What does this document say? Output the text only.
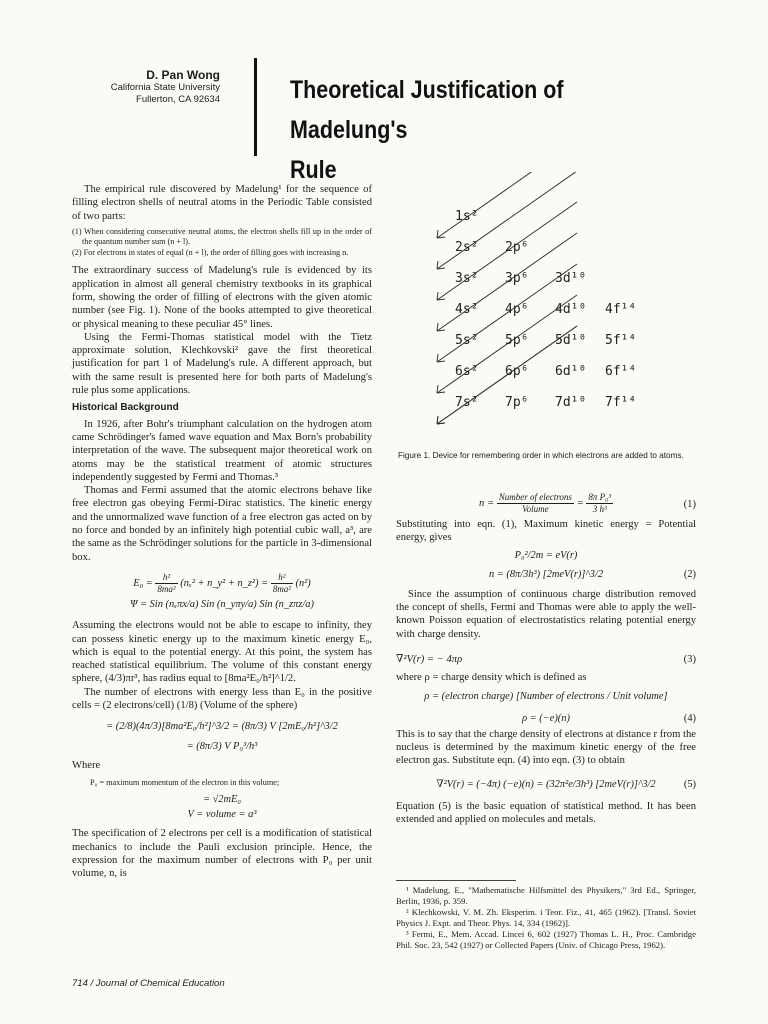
D. Pan Wong
California State University
Fullerton, CA 92634	Theoretical Justification of Madelung's
Rule

The empirical rule discovered by Madelung¹ for the sequence of filling electron shells of neutral atoms in the Periodic Table consisted of two parts:

(1) When considering consecutive neutral atoms, the electron shells fill up in the order of the quantum number sum (n + l).

(2) For electrons in states of equal (n + l), the order of filling goes with increasing n.

The extraordinary success of Madelung's rule is evidenced by its application in almost all general chemistry textbooks in its graphical form, showing the order of filling of electrons with the given atomic number (see Fig. 1). None of the books attempted to give theoretical or physical meaning to these peculiar 45° lines.

Using the Fermi-Thomas statistical model with the Tietz approximate solution, Klechkovski² gave the first theoretical justification for part 1 of Madelung's rule. A different approach, but with the same result is presented here for both parts of Madelung's rule plus some applications.

Historical Background

In 1926, after Bohr's triumphant calculation on the hydrogen atom came Schrödinger's famed wave equation and Max Born's probability interpretation of the wave. The subsequent major theoretical work on atoms may be the statistical treatment of atomic structures independently suggested by Fermi and Thomas.³

Thomas and Fermi assumed that the atomic electrons behave like free electron gas obeying Fermi-Dirac statistics. The kinetic energy and the unnormalized wave function of a free electron gas acted on by no force and bonded by an infinitely high potential cubic wall, a³, are the same as the Schrödinger solutions for the particle in 3-dimensional box.

$E_0 = \frac{\text{h²}}{\text{8ma²}} (n_x^2$ + n_y² + n_z²) = $\frac{\text{h²}}{\text{8ma²}} (n^2)$
Ψ = Sin (nₓπx/a) Sin (n_yπy/a) Sin (n_zπz/a)

Assuming the electrons would not be able to escape to infinity, they can possess kinetic energy up to the maximum kinetic energy E₀, which is equal to the potential energy. At this point, the system has reached statistical equilibrium. The volume of this constant energy sphere, (4/3)πr³, has radius equal to [8ma²E₀/h²]^1/2.

The number of electrons with energy less than E₀ in the positive cells = (2 electrons/cell) (1/8) (Volume of the sphere)

= (2/8)(4π/3)[8ma²E₀/h²]^3/2 = (8π/3) V [2mE₀/h²]^3/2
= (8π/3) V P₀³/h³

Where

P₀ = maximum momentum of the electron in this volume;

= √2mE₀

V = volume = a³

The specification of 2 electrons per cell is a modification of statistical mechanics to include the Pauli exclusion principle. Hence, the expression for the maximum number of electrons with P₀ per unit volume, n, is

1s²
2s² 2p⁶
3s² 3p⁶ 3d¹⁰
4s² 4p⁶ 4d¹⁰ 4f¹⁴
5s² 5p⁶ 5d¹⁰ 5f¹⁴
6s² 6p⁶ 6d¹⁰ 6f¹⁴
7s² 7p⁶ 7d¹⁰ 7f¹⁴
Figure 1. Device for remembering order in which electrons are added to atoms.
$n = \frac{\text{Number of electrons}}{\text{Volume}} = \frac{\text{8π P₀³}}{\text{3 h³}}$	(1)

Substituting into eqn. (1), Maximum kinetic energy = Potential energy, gives

P₀²/2m = eV(r)
n = (8π/3h³) [2meV(r)]^3/2	(2)

Since the assumption of continuous charge distribution removed the concept of shells, Fermi and Thomas were able to apply the well-known Poisson equation of electrostatistics relating potential energy with charge density.

∇²V(r) = − 4πρ	(3)

where ρ = charge density which is defined as

ρ = (electron charge) [Number of electrons / Unit volume]
ρ = (−e)(n)	(4)

This is to say that the charge density of electrons at distance r from the nucleus is determined by the maximum kinetic energy of the free electron gas. Substitute eqn. (4) into eqn. (3) to obtain

∇²V(r) = (−4π) (−e)(n) = (32π²e/3h³) [2meV(r)]^3/2	(5)

Equation (5) is the basic equation of statistical method. It has been extended and applied on molecules and metals.

¹ Madelung, E., "Mathematische Hilfsmittel des Physikers," 3rd Ed., Springer, Berlin, 1936, p. 359.

² Klechkowski, V. M. Zh. Eksperim. i Teor. Fiz., 41, 465 (1962). [Transl. Soviet Physics J. Expt. and Theor. Phys. 14, 334 (1962)].

³ Fermi, E., Mem. Accad. Lincei 6, 602 (1927) Thomas L. H., Proc. Cambridge Phil. Soc. 23, 542 (1927) or Collected Papers (Univ. of Chicago Press, 1962).

714 / Journal of Chemical Education
